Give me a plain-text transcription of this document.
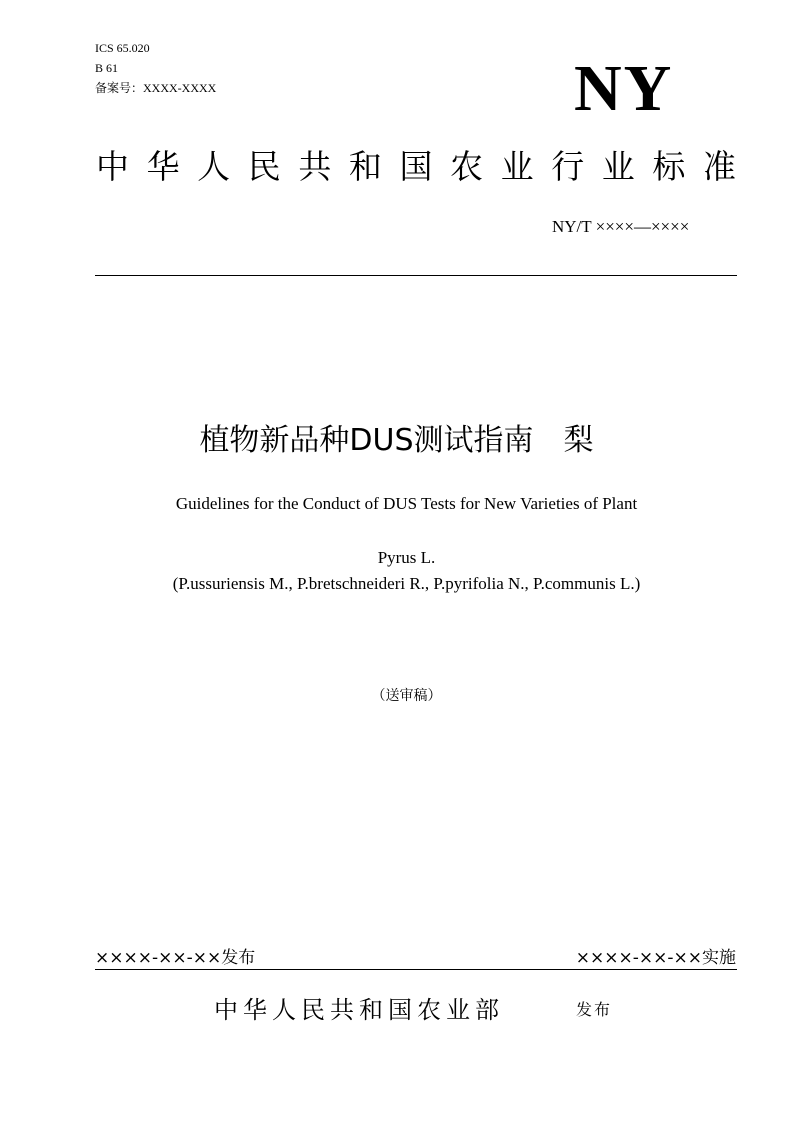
ICS 65.020
B 61
备案号：XXXX-XXXX	NY
中 华 人 民 共 和 国 农 业 行 业 标 准
NY/T ××××—××××
植物新品种DUS测试指南　梨
Guidelines for the Conduct of DUS Tests for New Varieties of Plant
Pyrus L.
(P.ussuriensis M., P.bretschneideri R., P.pyrifolia N., P.communis L.)
（送审稿）
××××-××-××发布	××××-××-××实施
中华人民共和国农业部	发布
